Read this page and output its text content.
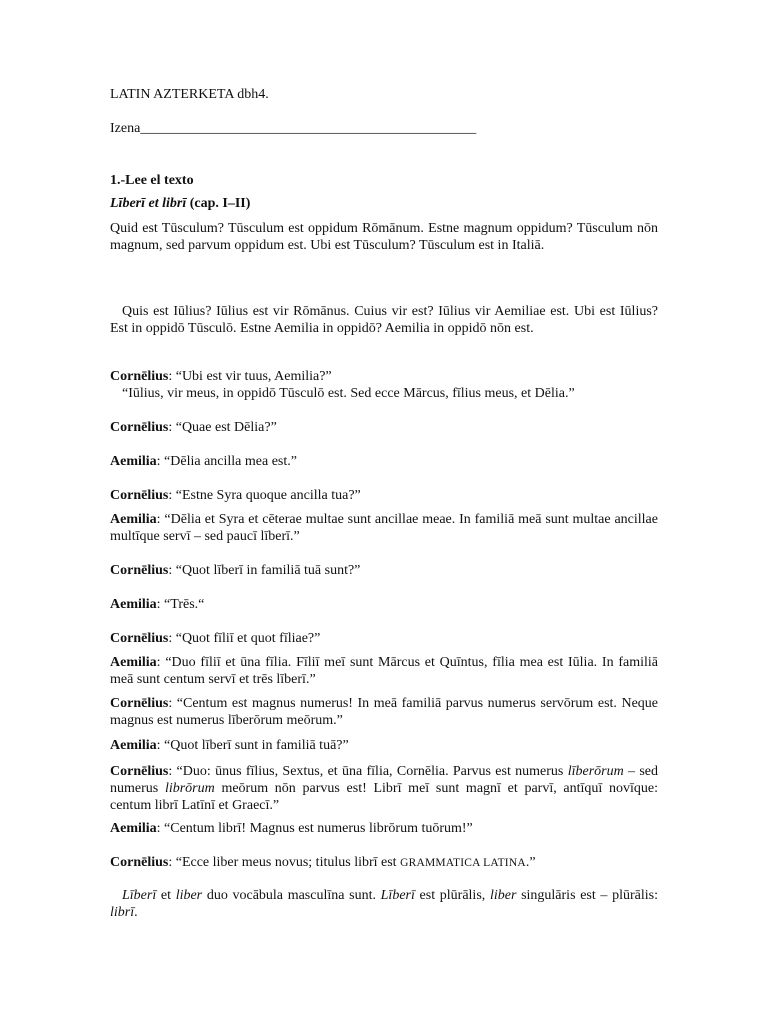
LATIN AZTERKETA dbh4.

Izena________________________________________________

1.-Lee el texto

Līberī et librī (cap. I–II)

Quid est Tūsculum? Tūsculum est oppidum Rōmānum. Estne magnum oppidum? Tūsculum nōn magnum, sed parvum oppidum est. Ubi est Tūsculum? Tūsculum est in Italiā.

Quis est Iūlius? Iūlius est vir Rōmānus. Cuius vir est? Iūlius vir Aemiliae est. Ubi est Iūlius? Est in oppidō Tūsculō. Estne Aemilia in oppidō? Aemilia in oppidō nōn est.

Cornēlius: “Ubi est vir tuus, Aemilia?”
“Iūlius, vir meus, in oppidō Tūsculō est. Sed ecce Mārcus, fīlius meus, et Dēlia.”

Cornēlius: “Quae est Dēlia?”

Aemilia: “Dēlia ancilla mea est.”

Cornēlius: “Estne Syra quoque ancilla tua?”

Aemilia: “Dēlia et Syra et cēterae multae sunt ancillae meae. In familiā meā sunt multae ancillae multīque servī – sed paucī līberī.”

Cornēlius: “Quot līberī in familiā tuā sunt?”

Aemilia: “Trēs.“

Cornēlius: “Quot fīliī et quot fīliae?”

Aemilia: “Duo fīliī et ūna fīlia. Fīliī meī sunt Mārcus et Quīntus, fīlia mea est Iūlia. In familiā meā sunt centum servī et trēs līberī.”

Cornēlius: “Centum est magnus numerus! In meā familiā parvus numerus servōrum est. Neque magnus est numerus līberōrum meōrum.”

Aemilia: “Quot līberī sunt in familiā tuā?”

Cornēlius: “Duo: ūnus fīlius, Sextus, et ūna fīlia, Cornēlia. Parvus est numerus līberōrum – sed numerus librōrum meōrum nōn parvus est! Librī meī sunt magnī et parvī, antīquī novīque: centum librī Latīnī et Graecī.”

Aemilia: “Centum librī! Magnus est numerus librōrum tuōrum!”

Cornēlius: “Ecce liber meus novus; titulus librī est GRAMMATICA LATINA.”

Līberī et liber duo vocābula masculīna sunt. Līberī est plūrālis, liber singulāris est – plūrālis: librī.
